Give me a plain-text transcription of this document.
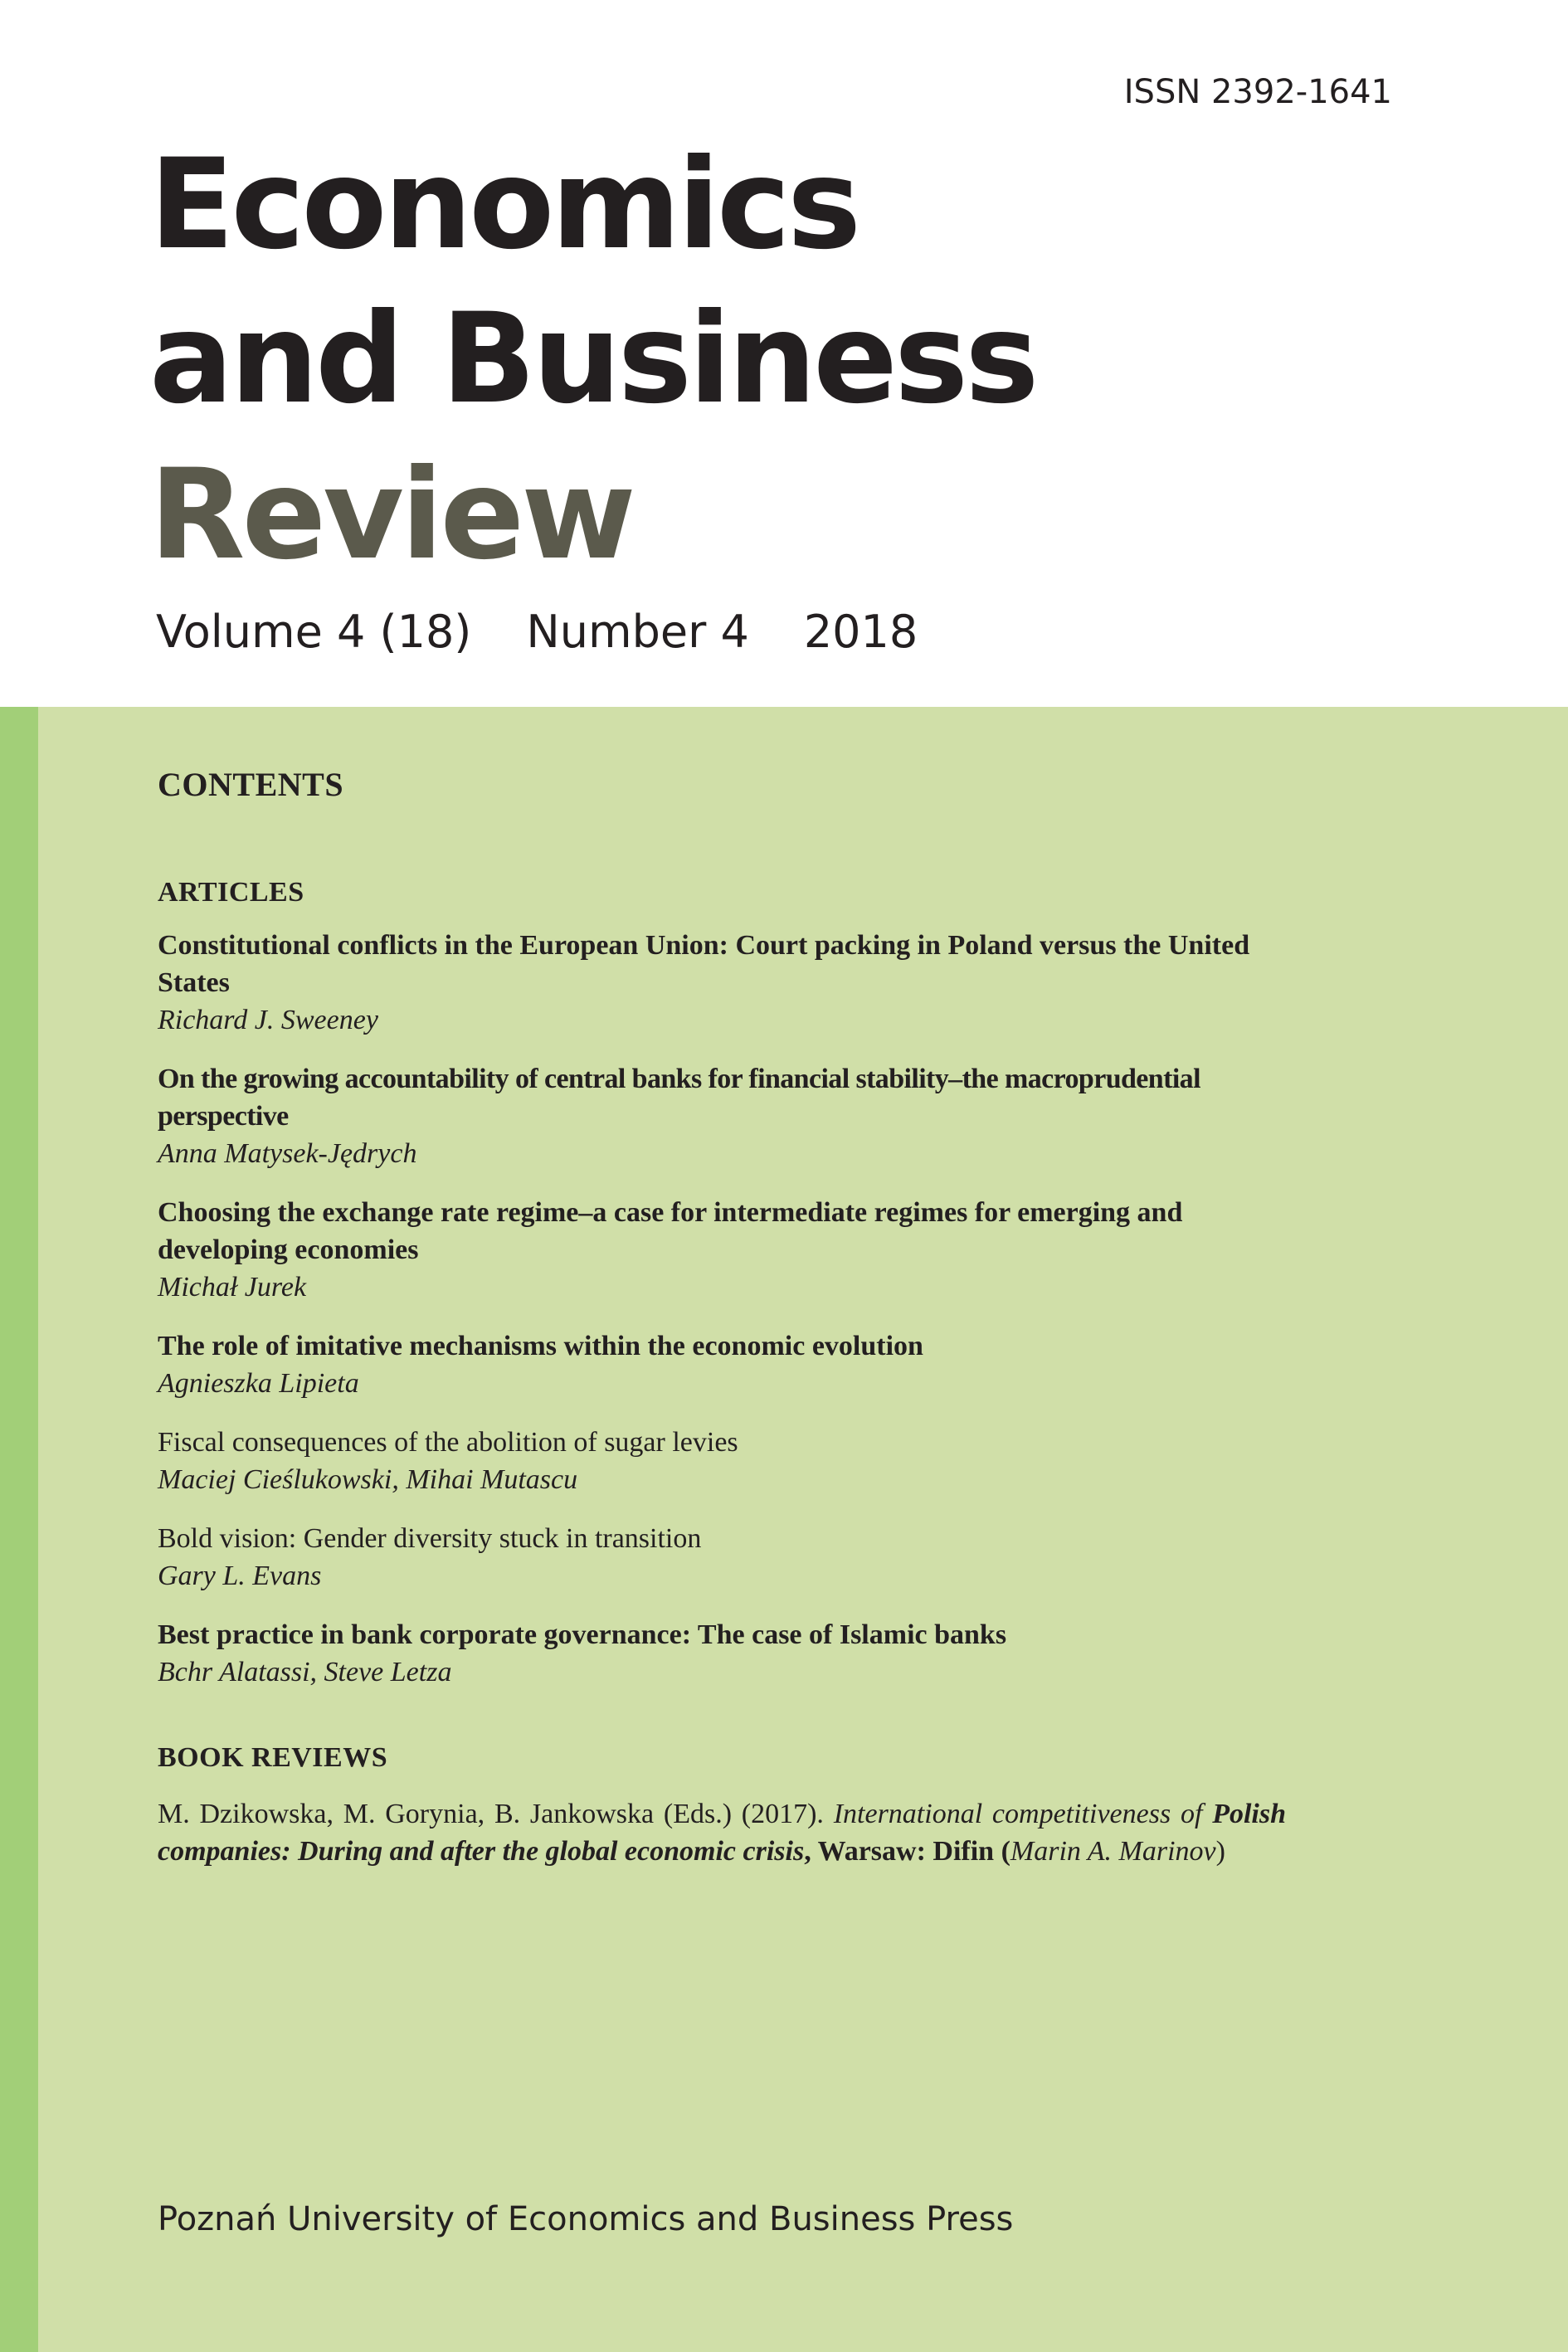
ISSN 2392-1641
Economics
and Business
Review
Volume 4 (18) Number 4 2018
CONTENTS
ARTICLES
Constitutional conflicts in the European Union: Court packing in Poland versus the United States
Richard J. Sweeney
On the growing accountability of central banks for financial stability–the macroprudential perspective
Anna Matysek-Jędrych
Choosing the exchange rate regime–a case for intermediate regimes for emerging and developing economies
Michał Jurek
The role of imitative mechanisms within the economic evolution
Agnieszka Lipieta
Fiscal consequences of the abolition of sugar levies
Maciej Cieślukowski, Mihai Mutascu
Bold vision: Gender diversity stuck in transition
Gary L. Evans
Best practice in bank corporate governance: The case of Islamic banks
Bchr Alatassi, Steve Letza
BOOK REVIEWS
M. Dzikowska, M. Gorynia, B. Jankowska (Eds.) (2017). International competitiveness of Polish companies: During and after the global economic crisis, Warsaw: Difin (Marin A. Marinov)
Poznań University of Economics and Business Press
